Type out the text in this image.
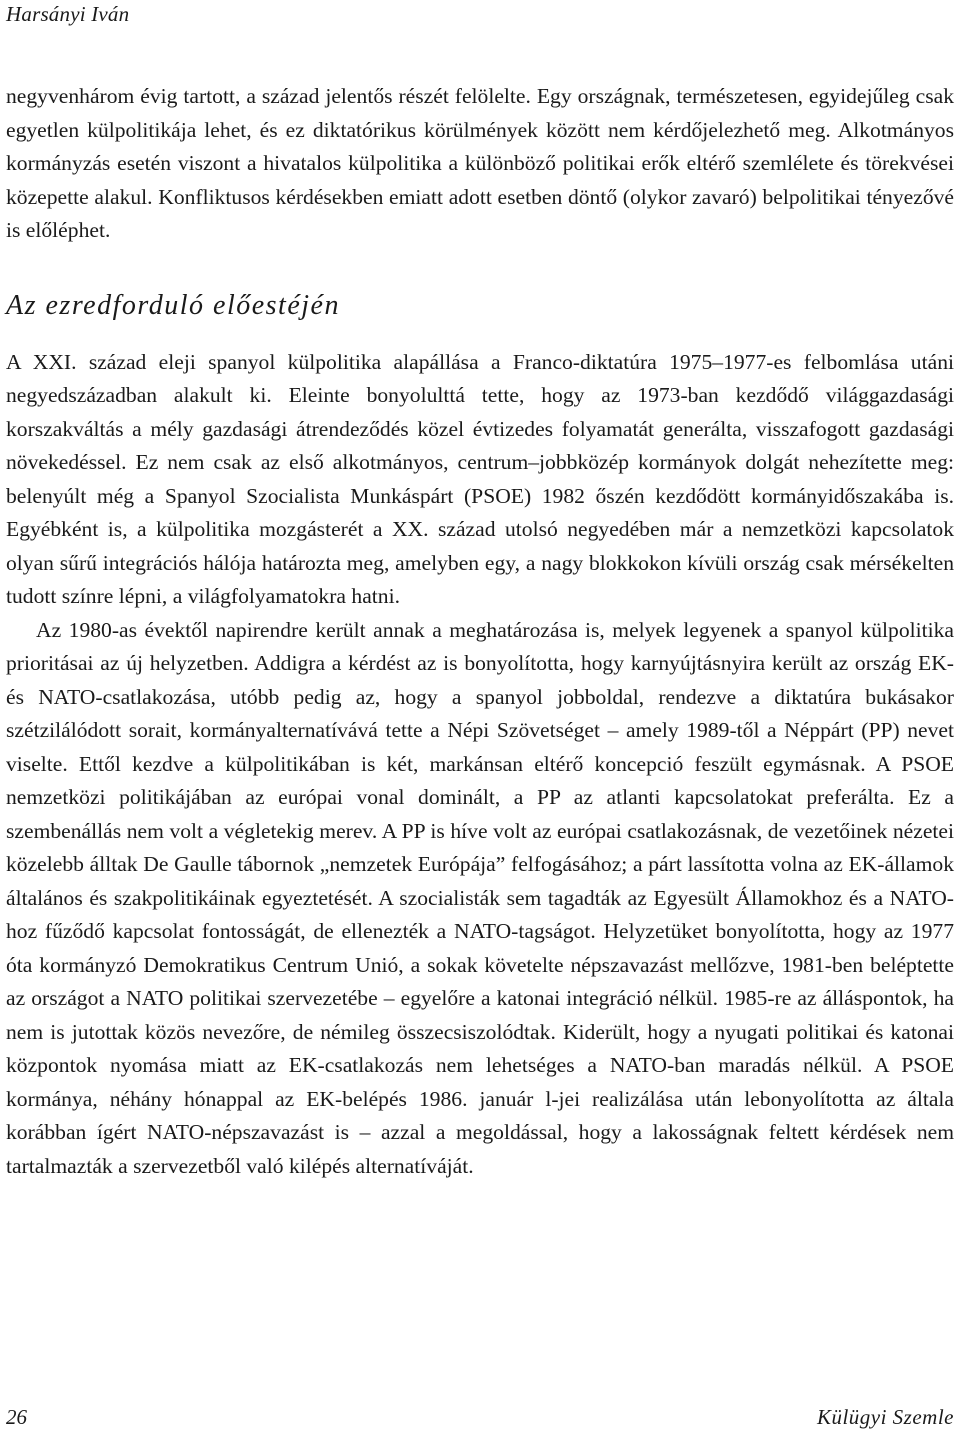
Harsányi Iván

negyvenhárom évig tartott, a század jelentős részét felölelte. Egy országnak, természetesen, egyidejűleg csak egyetlen külpolitikája lehet, és ez diktatórikus körülmények között nem kérdőjelezhető meg. Alkotmányos kormányzás esetén viszont a hivatalos külpolitika a különböző politikai erők eltérő szemlélete és törekvései közepette alakul. Konfliktusos kérdésekben emiatt adott esetben döntő (olykor zavaró) belpolitikai tényezővé is előléphet.

Az ezredforduló előestéjén

A XXI. század eleji spanyol külpolitika alapállása a Franco-diktatúra 1975–1977-es felbomlása utáni negyedszázadban alakult ki. Eleinte bonyolulttá tette, hogy az 1973-ban kezdődő világgazdasági korszakváltás a mély gazdasági átrendeződés közel évtizedes folyamatát generálta, visszafogott gazdasági növekedéssel. Ez nem csak az első alkotmányos, centrum–jobbközép kormányok dolgát nehezítette meg: belenyúlt még a Spanyol Szocialista Munkáspárt (PSOE) 1982 őszén kezdődött kormányidőszakába is. Egyébként is, a külpolitika mozgásterét a XX. század utolsó negyedében már a nemzetközi kapcsolatok olyan sűrű integrációs hálója határozta meg, amelyben egy, a nagy blokkokon kívüli ország csak mérsékelten tudott színre lépni, a világfolyamatokra hatni.

Az 1980-as évektől napirendre került annak a meghatározása is, melyek legyenek a spanyol külpolitika prioritásai az új helyzetben. Addigra a kérdést az is bonyolította, hogy karnyújtásnyira került az ország EK- és NATO-csatlakozása, utóbb pedig az, hogy a spanyol jobboldal, rendezve a diktatúra bukásakor szétzilálódott sorait, kormányalternatívává tette a Népi Szövetséget – amely 1989-től a Néppárt (PP) nevet viselte. Ettől kezdve a külpolitikában is két, markánsan eltérő koncepció feszült egymásnak. A PSOE nemzetközi politikájában az európai vonal dominált, a PP az atlanti kapcsolatokat preferálta. Ez a szembenállás nem volt a végletekig merev. A PP is híve volt az európai csatlakozásnak, de vezetőinek nézetei közelebb álltak De Gaulle tábornok „nemzetek Európája” felfogásához; a párt lassította volna az EK-államok általános és szakpolitikáinak egyeztetését. A szocialisták sem tagadták az Egyesült Államokhoz és a NATO-hoz fűződő kapcsolat fontosságát, de ellenezték a NATO-tagságot. Helyzetüket bonyolította, hogy az 1977 óta kormányzó Demokratikus Centrum Unió, a sokak követelte népszavazást mellőzve, 1981-ben beléptette az országot a NATO politikai szervezetébe – egyelőre a katonai integráció nélkül. 1985-re az álláspontok, ha nem is jutottak közös nevezőre, de némileg összecsiszolódtak. Kiderült, hogy a nyugati politikai és katonai központok nyomása miatt az EK-csatlakozás nem lehetséges a NATO-ban maradás nélkül. A PSOE kormánya, néhány hónappal az EK-belépés 1986. január l-jei realizálása után lebonyolította az általa korábban ígért NATO-népszavazást is – azzal a megoldással, hogy a lakosságnak feltett kérdések nem tartalmazták a szervezetből való kilépés alternatíváját.

26	Külügyi Szemle
